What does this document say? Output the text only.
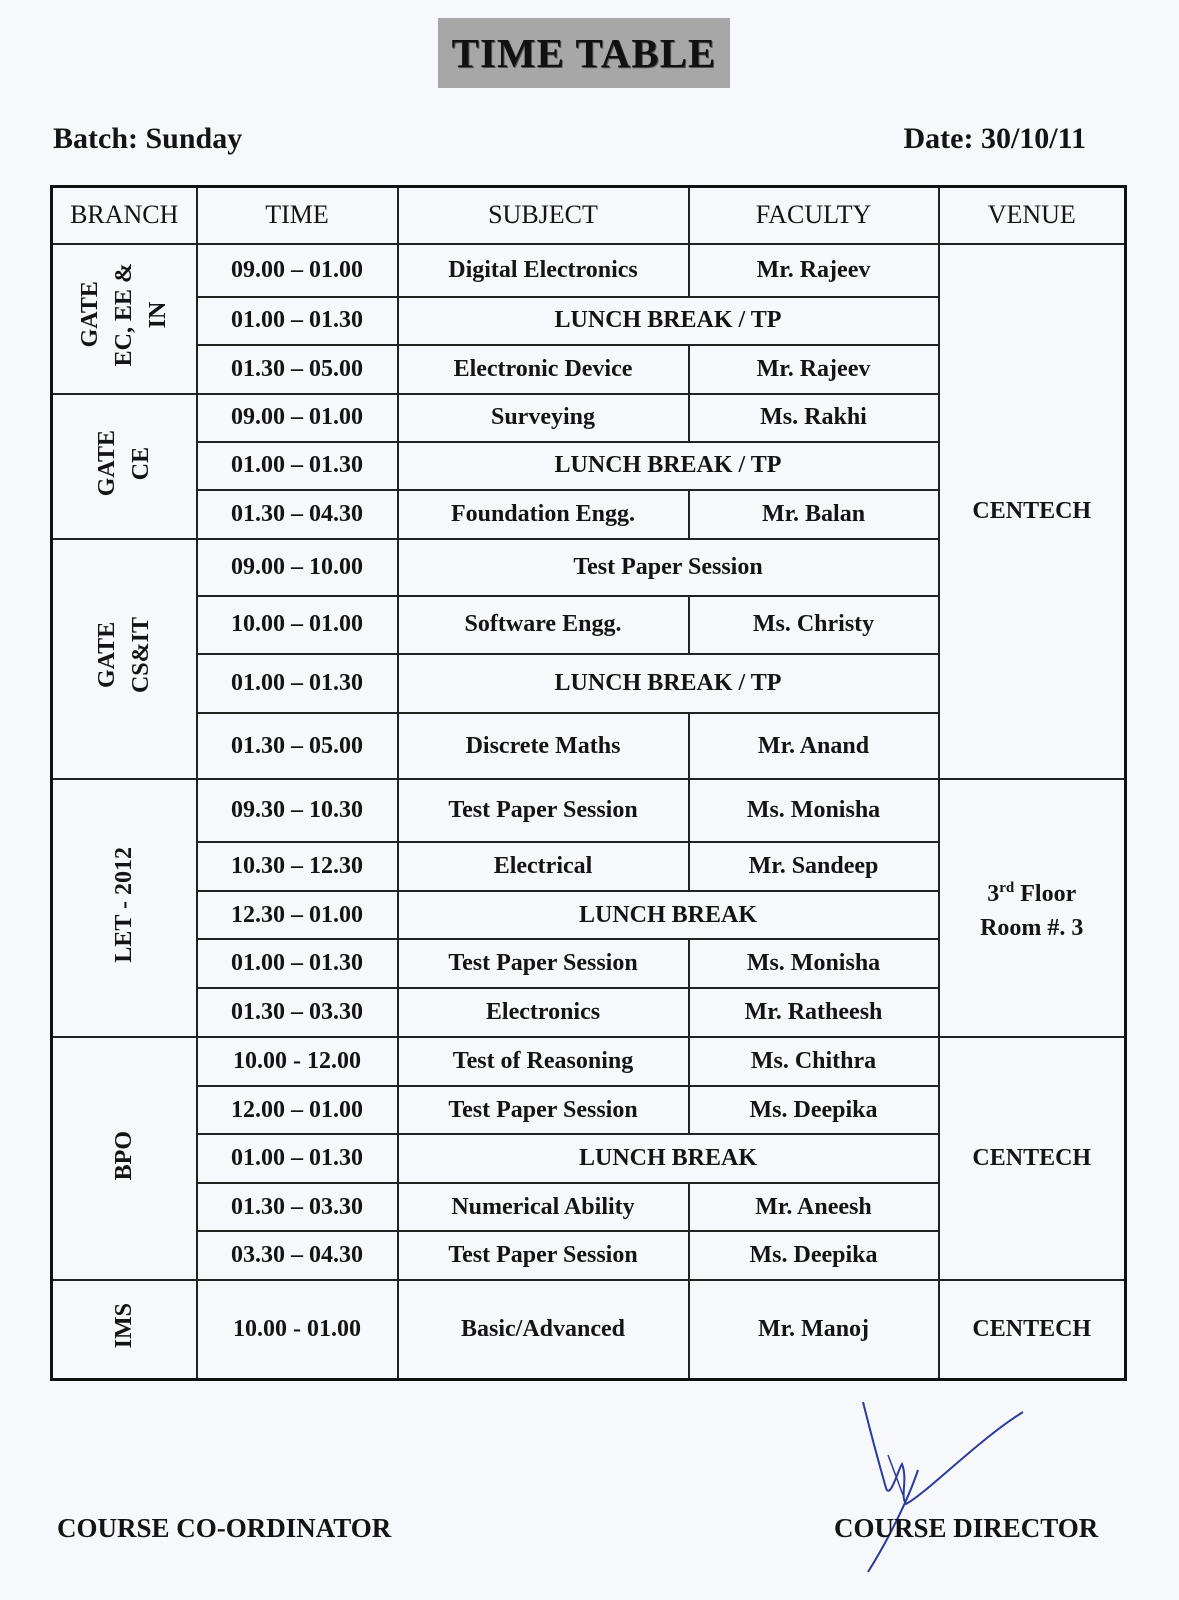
TIME TABLE
Batch: Sunday	Date: 30/10/11
BRANCH	TIME	SUBJECT	FACULTY	VENUE
GATE
EC, EE &
IN	09.00 – 01.00	Digital Electronics	Mr. Rajeev	CENTECH
	01.00 – 01.30	LUNCH BREAK / TP		
	01.30 – 05.00	Electronic Device	Mr. Rajeev	
GATE
CE	09.00 – 01.00	Surveying	Ms. Rakhi	
	01.00 – 01.30	LUNCH BREAK / TP		
	01.30 – 04.30	Foundation Engg.	Mr. Balan	
GATE
CS&IT	09.00 – 10.00	Test Paper Session		
	10.00 – 01.00	Software Engg.	Ms. Christy	
	01.00 – 01.30	LUNCH BREAK / TP		
	01.30 – 05.00	Discrete Maths	Mr. Anand	
LET - 2012	09.30 – 10.30	Test Paper Session	Ms. Monisha	3rd Floor
Room #. 3
	10.30 – 12.30	Electrical	Mr. Sandeep	
	12.30 – 01.00	LUNCH BREAK		
	01.00 – 01.30	Test Paper Session	Ms. Monisha	
	01.30 – 03.30	Electronics	Mr. Ratheesh	
BPO	10.00 - 12.00	Test of Reasoning	Ms. Chithra	CENTECH
	12.00 – 01.00	Test Paper Session	Ms. Deepika	
	01.00 – 01.30	LUNCH BREAK		
	01.30 – 03.30	Numerical Ability	Mr. Aneesh	
	03.30 – 04.30	Test Paper Session	Ms. Deepika	
IMS	10.00 - 01.00	Basic/Advanced	Mr. Manoj	CENTECH
COURSE CO-ORDINATOR	COURSE DIRECTOR
